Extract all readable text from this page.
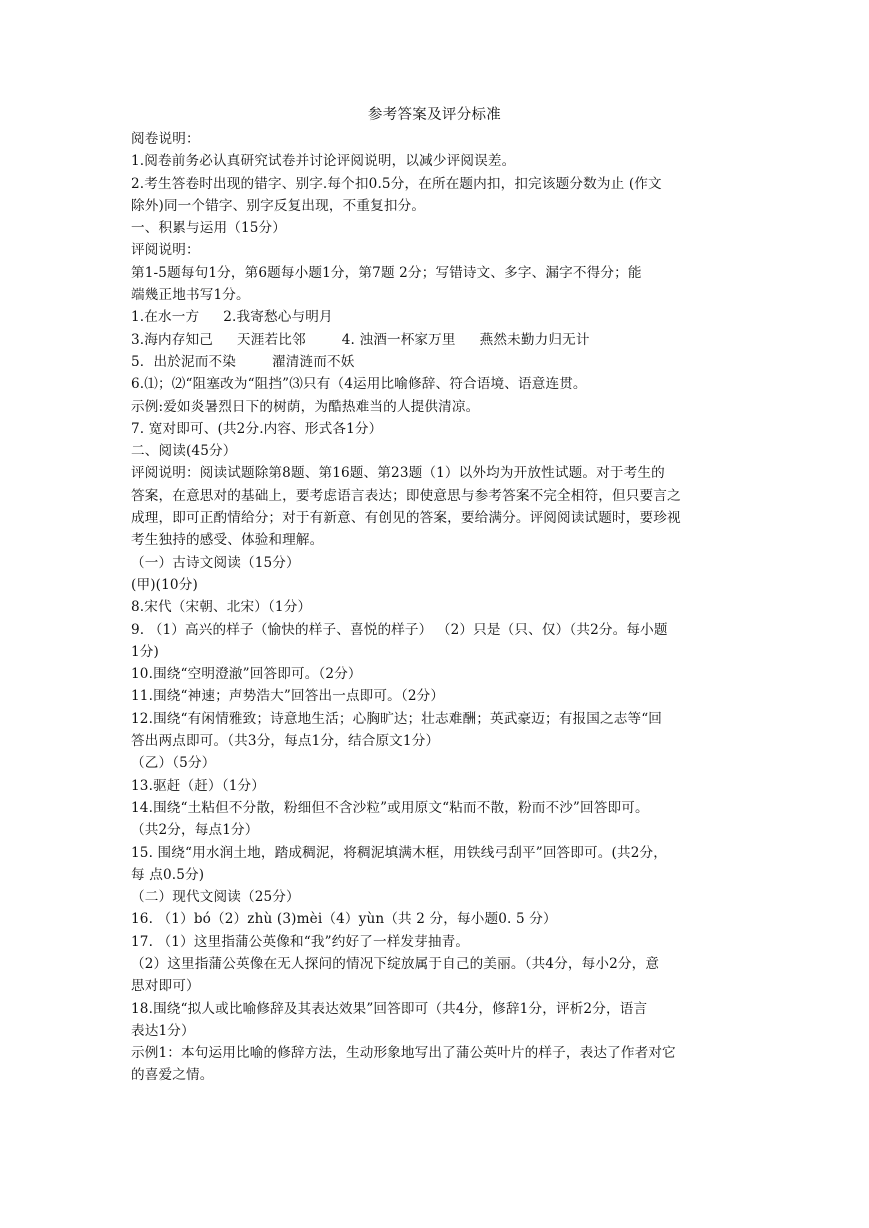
参考答案及评分标准
阅卷说明：
1.阅卷前务必认真研究试卷并讨论评阅说明，以减少评阅误差。
2.考生答卷时出现的错字、别字.每个扣0.5分，在所在题内扣，扣完该题分数为止 (作文
除外)同一个错字、别字反复出现，不重复扣分。
一、积累与运用（15分）
评阅说明：
第1-5题每句1分，第6题每小题1分，第7题 2分；写错诗文、多字、漏字不得分；能
端幾正地书写1分。
1.在水一方 2.我寄愁心与明月
3.海内存知己 天涯若比邻	4. 浊酒一杯家万里 燕然未勤力归无计
5．出於泥而不染	濯清涟而不妖
6.⑴；⑵“阻塞改为“阻挡”⑶只有（4运用比喻修辞、符合语境、语意连贯。
示例:爱如炎暑烈日下的树荫，为酷热难当的人提供清凉。
7. 宽对即可、(共2分.内容、形式各1分）
二、阅读(45分）
评阅说明：阅读试题除第8题、第16题、第23题（1）以外均为开放性试题。对于考生的
答案，在意思对的基础上，要考虑语言表达；即使意思与参考答案不完全相符，但只要言之
成理，即可正酌情给分；对于有新意、有创见的答案，要给满分。评阅阅读试题时，要珍视
考生独持的感受、体验和理解。
（一）古诗文阅读（15分）
(甲)(10分)
8.宋代（宋朝、北宋）（1分）
9. （1）高兴的样子（愉快的样子、喜悦的样子） （2）只是（只、仅）（共2分。每小题
1分)
10.围绕“空明澄澈”回答即可。（2分）
11.围绕“神速；声势浩大”回答出一点即可。（2分）
12.围绕“有闲情雅致；诗意地生活；心胸旷达；壮志难酬；英武豪迈；有报国之志等“回
答出两点即可。（共3分，每点1分，结合原文1分）
（乙）（5分）
13.驱赶（赶）（1分）
14.围绕“土粘但不分散，粉细但不含沙粒”或用原文“粘而不散，粉而不沙”回答即可。
（共2分，每点1分）
15. 围绕“用水润土地，踏成稠泥，将稠泥填满木框，用铁线弓刮平”回答即可。(共2分，
每 点0.5分)
（二）现代文阅读（25分）
16. （1）bó（2）zhù (3)mèi（4）yùn（共 2 分，每小题0. 5 分）
17. （1）这里指蒲公英像和“我”约好了一样发芽抽青。
（2）这里指蒲公英像在无人探问的情况下绽放属于自己的美丽。（共4分，每小2分，意
思对即可）
18.围绕“拟人或比喻修辞及其表达效果”回答即可（共4分，修辞1分，评析2分，语言
表达1分）
示例1：本句运用比喻的修辞方法，生动形象地写出了蒲公英叶片的样子，表达了作者对它
的喜爱之情。
